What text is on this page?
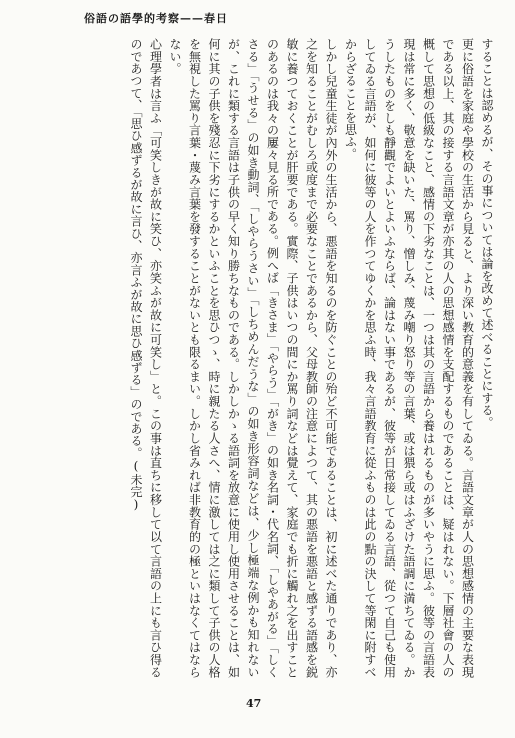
俗語の語學的考察——春日

することは認めるが、その事については論を改めて述べることにする。

更に俗語を家庭や學校の生活から見ると、より深い教育的意義を有してゐる。言語文章が人の思想感情の主要な表現である以上、其の接する言語文章が亦其の人の思想感情を支配するものであることは、疑はれない。下層社會の人の概して思想の低級なこと、感情の下劣なことは、一つは其の言語から養はれるものが多いやうに思ふ。彼等の言語表現は常に多く、敬意を缺いた、罵り、憎しみ、蔑み嘲り怒り等の言葉、或は猥ら或はふざけた語調に満ちてゐる。かうしたものをしも靜觀でよいとよいふならば、論はない事であるが、彼等が日常接してゐる言語、從つて自己も使用してゐる言語が、如何に彼等の人を作つてゆくかを思ふ時、我々言語教育に從ふものは此の點の決して等閑に附すべからざることを思ふ。

しかし兒童生徒が內外の生活から、悪語を知るのを防ぐことの殆ど不可能であることは、初に述べた通りであり、亦之を知ることがむしろ或度まで必要なことであるから、父母教師の注意によつて、其の悪語を悪語と感ずる語感を鋭敏に養つておくことが肝要である。實際、子供はいつの間にか罵り詞などは覺えて、家庭でも折に觸れ之を出すことのあるのは我々の屢々見る所である。例へば「きさま」「やらう」「がき」の如き名詞・代名詞、「しやあがる」「しくさる」「うせる」の如き動詞、「しやらうさい」「しちめんだうな」の如き形容詞などは、少し極端な例かも知れないが、これに類する言語は子供の早く知り勝ちなものである。しかしかゝる語詞を放意に使用し使用させることは、如何に其の子供を殘忍に下劣にするかといふことを思ひつゝ、時に親たる人さへ、情に激しては之に類して子供の人格を無視した罵り言葉・蔑み言葉を發することがないとも限るまい。しかし省みれば非教育的の極といはなくてはならない。

心理學者は言ふ「可笑しきが故に笑ひ、亦笑ふが故に可笑し」と。この事は直ちに移して以て言語の上にも言ひ得るのであつて、「思ひ感ずるが故に言ひ、亦言ふが故に思ひ感ずる」のである。(未完)

47
